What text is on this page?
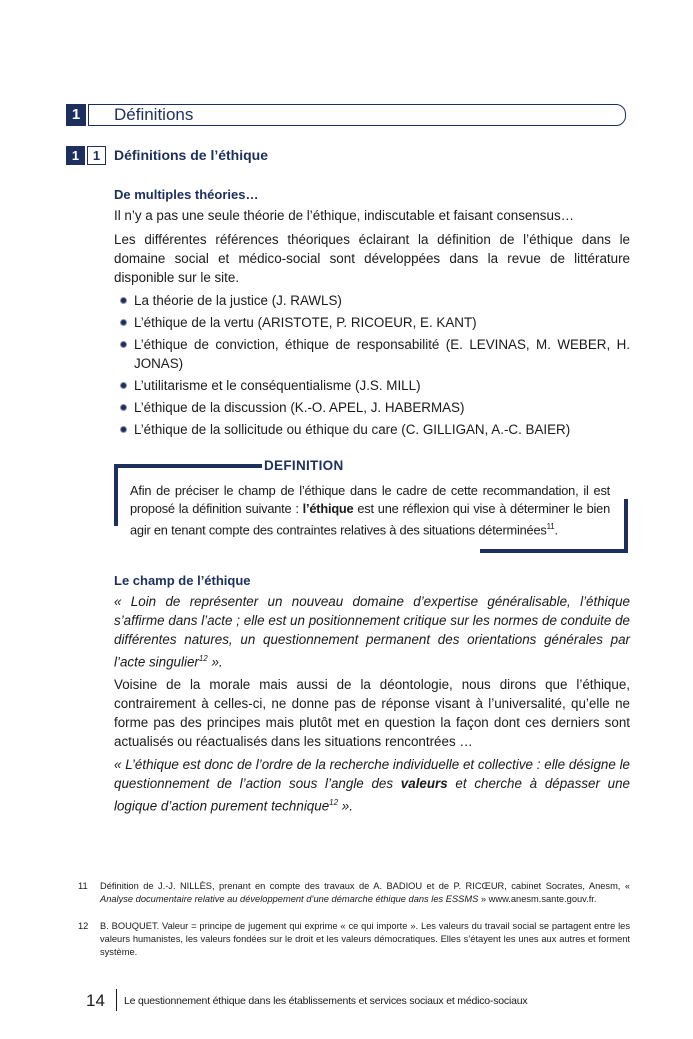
1	Définitions
1	1 Définitions de l’éthique
De multiples théories…

Il n’y a pas une seule théorie de l’éthique, indiscutable et faisant consensus…

Les différentes références théoriques éclairant la définition de l’éthique dans le domaine social et médico-social sont développées dans la revue de littérature disponible sur le site.

La théorie de la justice (J. RAWLS)
L’éthique de la vertu (ARISTOTE, P. RICOEUR, E. KANT)
L’éthique de conviction, éthique de responsabilité (E. LEVINAS, M. WEBER, H. JONAS)
L’utilitarisme et le conséquentialisme (J.S. MILL)
L’éthique de la discussion (K.-O. APEL, J. HABERMAS)
L’éthique de la sollicitude ou éthique du care (C. GILLIGAN, A.-C. BAIER)
DEFINITION
Afin de préciser le champ de l’éthique dans le cadre de cette recommandation, il est proposé la définition suivante : l’éthique est une réflexion qui vise à déterminer le bien agir en tenant compte des contraintes relatives à des situations déterminées$^{11}$.
Le champ de l’éthique

« Loin de représenter un nouveau domaine d’expertise généralisable, l’éthique s’affirme dans l’acte ; elle est un positionnement critique sur les normes de conduite de différentes natures, un questionnement permanent des orientations générales par l’acte singulier$^{12}$ ».

Voisine de la morale mais aussi de la déontologie, nous dirons que l’éthique, contrairement à celles-ci, ne donne pas de réponse visant à l’universalité, qu’elle ne forme pas des principes mais plutôt met en question la façon dont ces derniers sont actualisés ou réactualisés dans les situations rencontrées …

« L’éthique est donc de l’ordre de la recherche individuelle et collective : elle désigne le questionnement de l’action sous l’angle des valeurs et cherche à dépasser une logique d’action purement technique$^{12}$ ».

11 Définition de J.-J. NILLÈS, prenant en compte des travaux de A. BADIOU et de P. RICŒUR, cabinet Socrates, Anesm, « Analyse documentaire relative au développement d’une démarche éthique dans les ESSMS » www.anesm.sante.gouv.fr.
12 B. BOUQUET. Valeur = principe de jugement qui exprime « ce qui importe ». Les valeurs du travail social se partagent entre les valeurs humanistes, les valeurs fondées sur le droit et les valeurs démocratiques. Elles s’étayent les unes aux autres et forment système.
14 Le questionnement éthique dans les établissements et services sociaux et médico-sociaux
